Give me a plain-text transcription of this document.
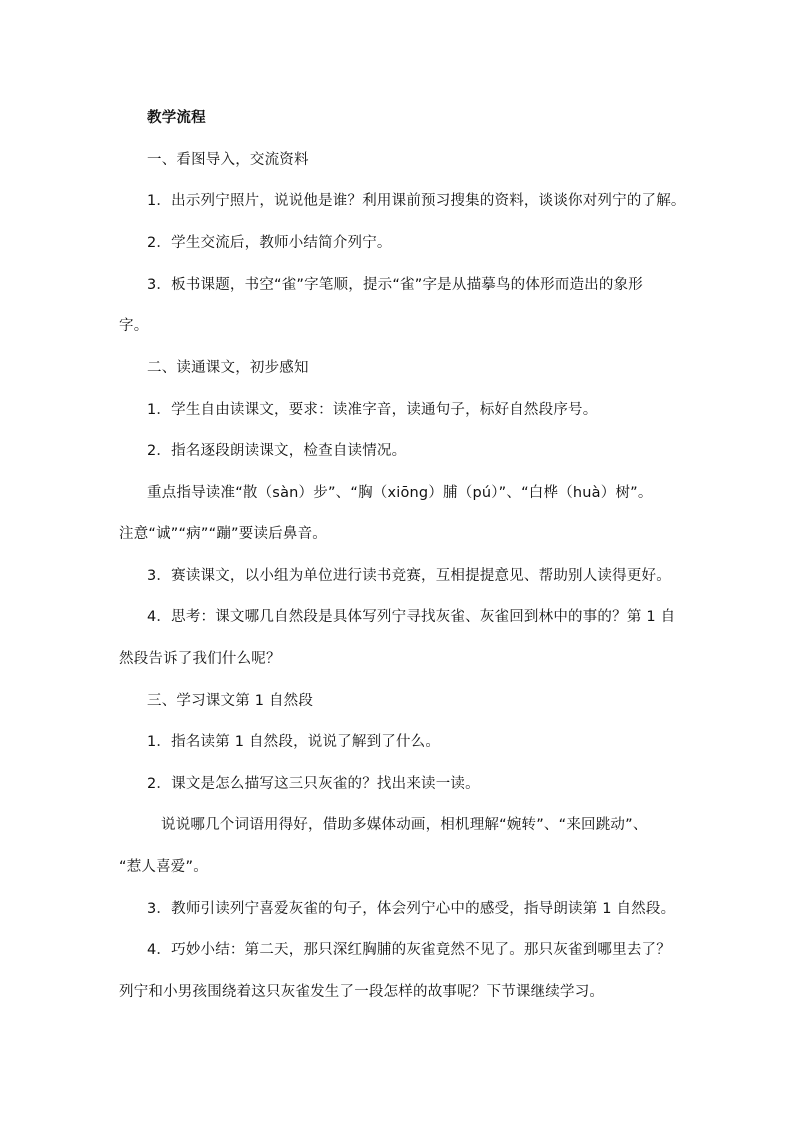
教学流程
一、看图导入，交流资料
1．出示列宁照片，说说他是谁？利用课前预习搜集的资料，谈谈你对列宁的了解。
2．学生交流后，教师小结简介列宁。
3．板书课题，书空“雀”字笔顺，提示“雀”字是从描摹鸟的体形而造出的象形
字。
二、读通课文，初步感知
1．学生自由读课文，要求：读准字音，读通句子，标好自然段序号。
2．指名逐段朗读课文，检查自读情况。
重点指导读准“散（sàn）步”、“胸（xiōng）脯（pú）”、“白桦（huà）树”。
注意“诚”“病”“蹦”要读后鼻音。
3．赛读课文，以小组为单位进行读书竞赛，互相提提意见、帮助别人读得更好。
4．思考：课文哪几自然段是具体写列宁寻找灰雀、灰雀回到林中的事的？第 1 自
然段告诉了我们什么呢？
三、学习课文第 1 自然段
1．指名读第 1 自然段，说说了解到了什么。
2．课文是怎么描写这三只灰雀的？找出来读一读。
说说哪几个词语用得好，借助多媒体动画，相机理解“婉转”、“来回跳动”、
“惹人喜爱”。
3．教师引读列宁喜爱灰雀的句子，体会列宁心中的感受，指导朗读第 1 自然段。
4．巧妙小结：第二天，那只深红胸脯的灰雀竟然不见了。那只灰雀到哪里去了？
列宁和小男孩围绕着这只灰雀发生了一段怎样的故事呢？下节课继续学习。
